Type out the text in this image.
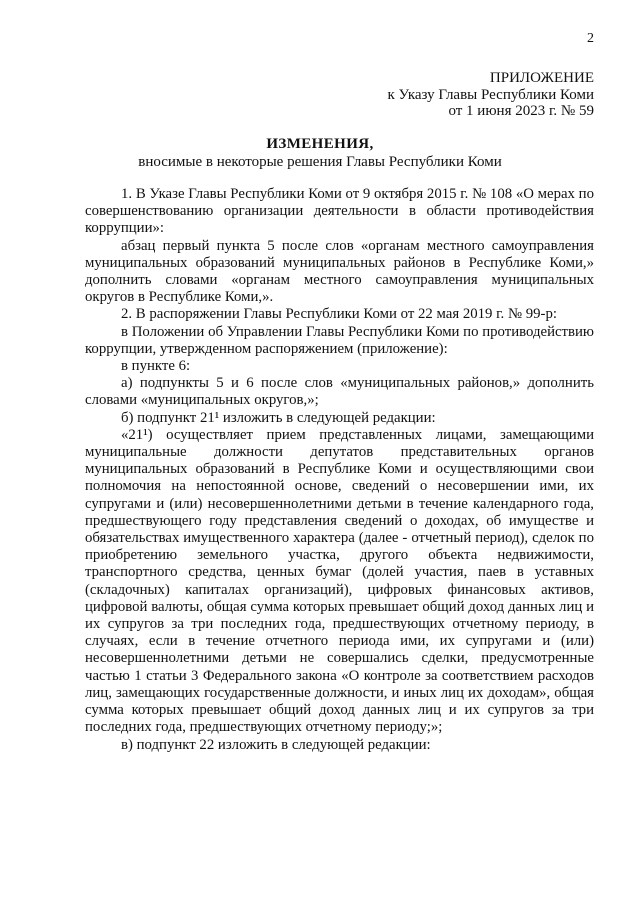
2
ПРИЛОЖЕНИЕ
к Указу Главы Республики Коми
от 1 июня 2023 г. № 59
ИЗМЕНЕНИЯ,
вносимые в некоторые решения Главы Республики Коми

1. В Указе Главы Республики Коми от 9 октября 2015 г. № 108 «О мерах по совершенствованию организации деятельности в области противодействия коррупции»:

абзац первый пункта 5 после слов «органам местного самоуправления муниципальных образований муниципальных районов в Республике Коми,» дополнить словами «органам местного самоуправления муниципальных округов в Республике Коми,».

2. В распоряжении Главы Республики Коми от 22 мая 2019 г. № 99-р:

в Положении об Управлении Главы Республики Коми по противодействию коррупции, утвержденном распоряжением (приложение):

в пункте 6:

а) подпункты 5 и 6 после слов «муниципальных районов,» дополнить словами «муниципальных округов,»;

б) подпункт 21¹ изложить в следующей редакции:

«21¹) осуществляет прием представленных лицами, замещающими муниципальные должности депутатов представительных органов муниципальных образований в Республике Коми и осуществляющими свои полномочия на непостоянной основе, сведений о несовершении ими, их супругами и (или) несовершеннолетними детьми в течение календарного года, предшествующего году представления сведений о доходах, об имуществе и обязательствах имущественного характера (далее - отчетный период), сделок по приобретению земельного участка, другого объекта недвижимости, транспортного средства, ценных бумаг (долей участия, паев в уставных (складочных) капиталах организаций), цифровых финансовых активов, цифровой валюты, общая сумма которых превышает общий доход данных лиц и их супругов за три последних года, предшествующих отчетному периоду, в случаях, если в течение отчетного периода ими, их супругами и (или) несовершеннолетними детьми не совершались сделки, предусмотренные частью 1 статьи 3 Федерального закона «О контроле за соответствием расходов лиц, замещающих государственные должности, и иных лиц их доходам», общая сумма которых превышает общий доход данных лиц и их супругов за три последних года, предшествующих отчетному периоду;»;

в) подпункт 22 изложить в следующей редакции:
